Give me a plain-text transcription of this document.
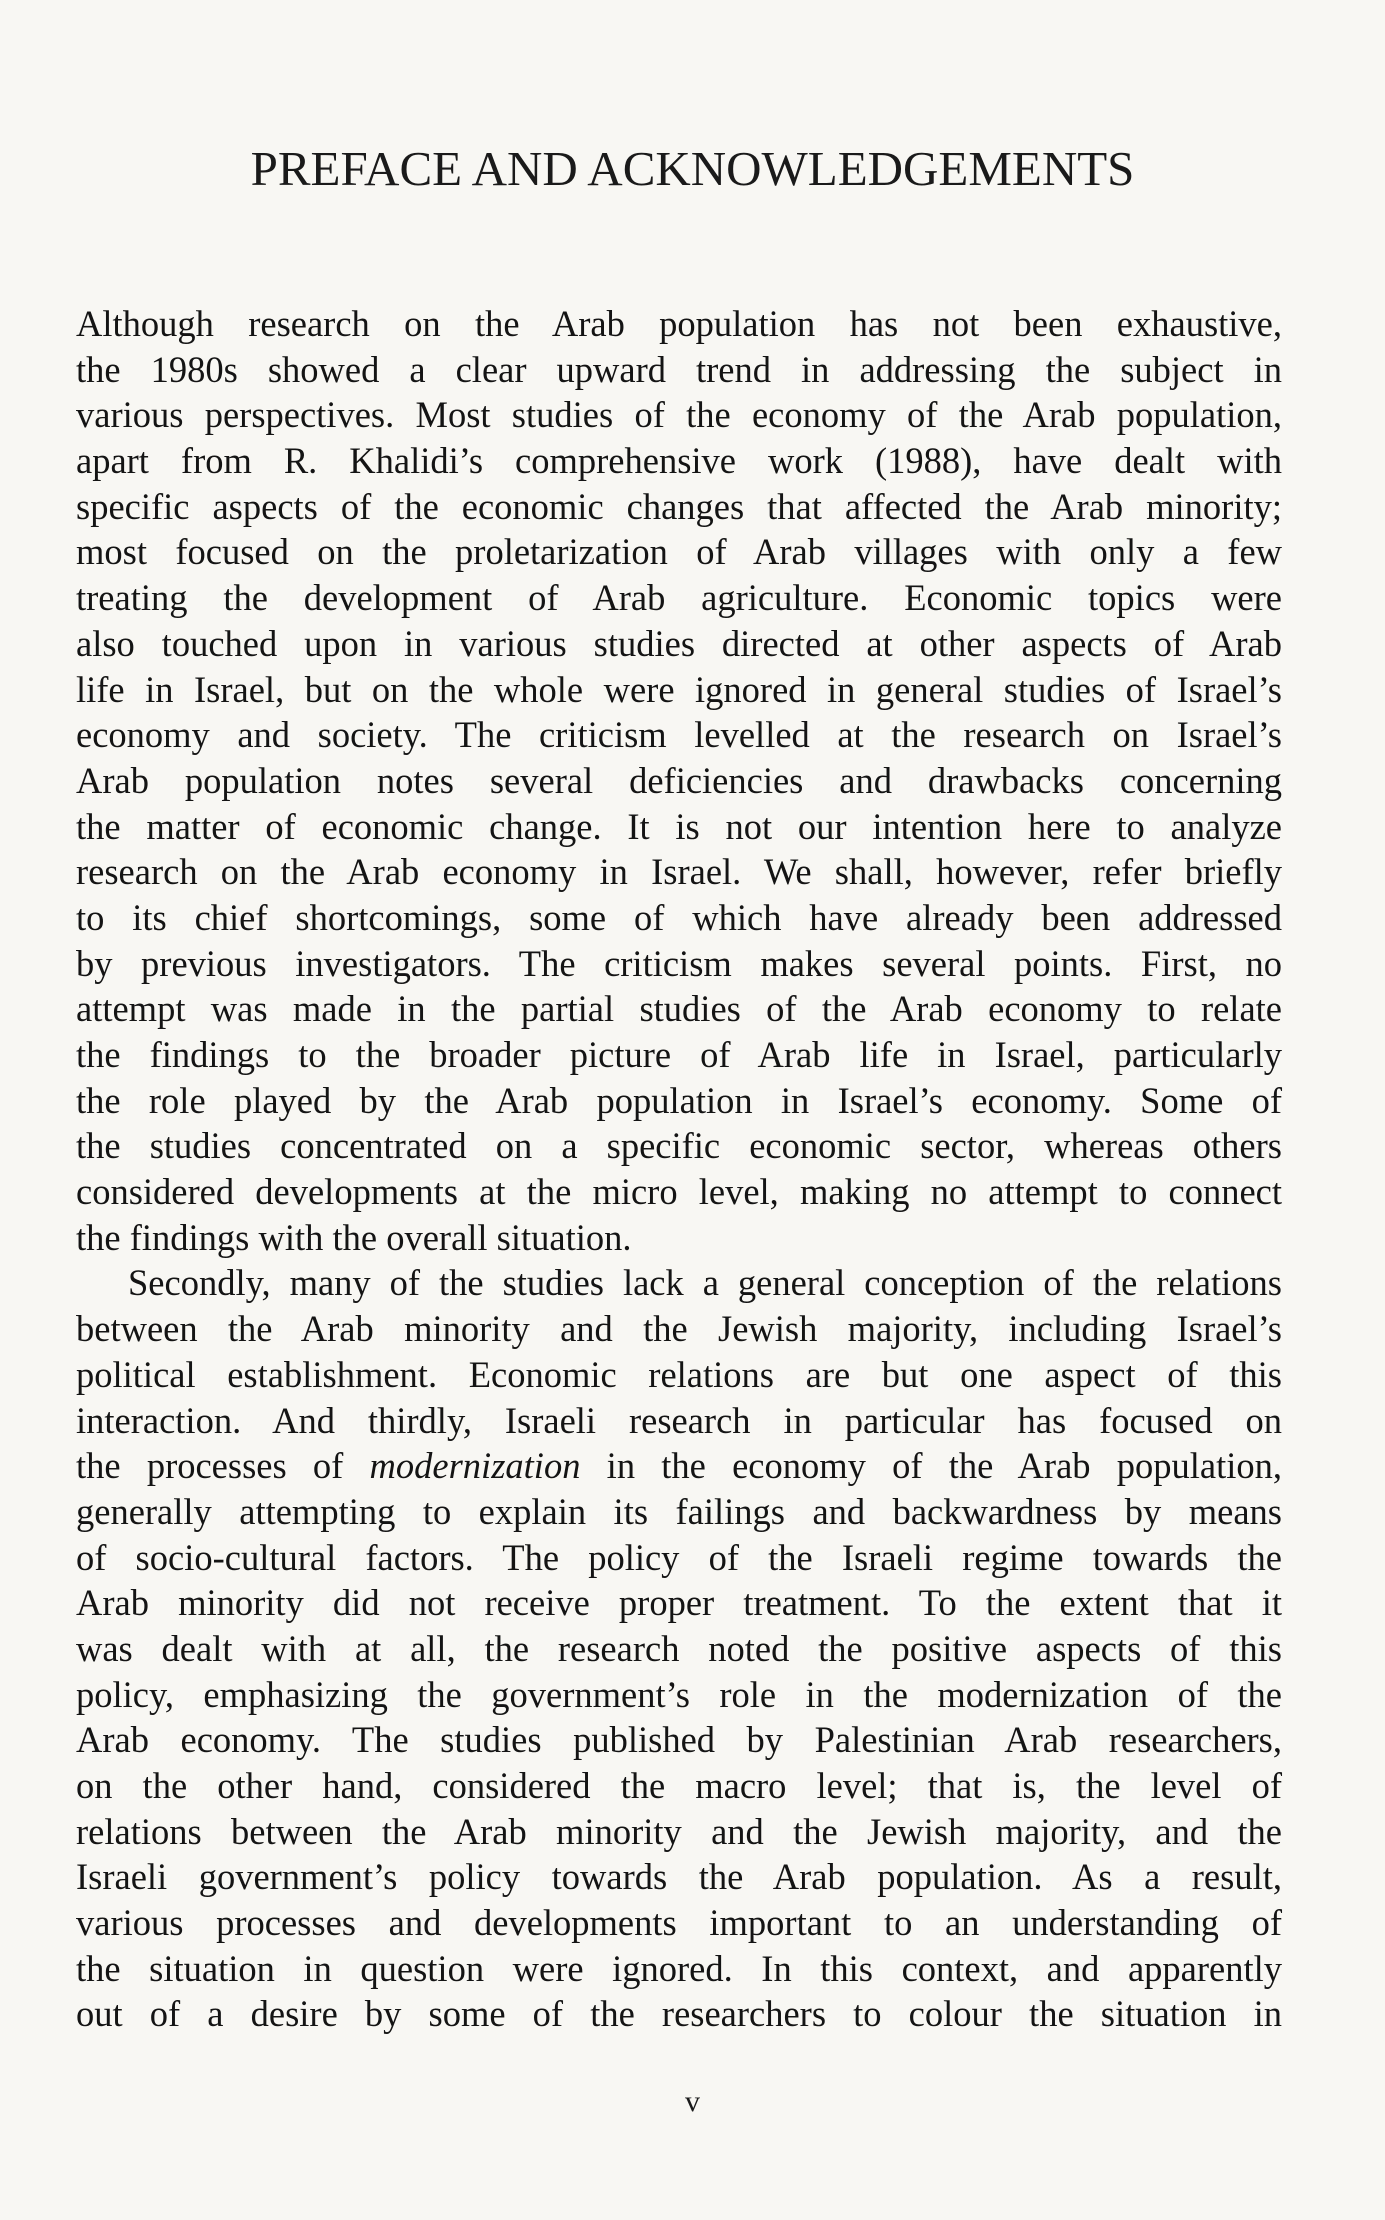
PREFACE AND ACKNOWLEDGEMENTS

Although research on the Arab population has not been exhaustive,
the 1980s showed a clear upward trend in addressing the subject in
various perspectives. Most studies of the economy of the Arab population,
apart from R. Khalidi’s comprehensive work (1988), have dealt with
specific aspects of the economic changes that affected the Arab minority;
most focused on the proletarization of Arab villages with only a few
treating the development of Arab agriculture. Economic topics were
also touched upon in various studies directed at other aspects of Arab
life in Israel, but on the whole were ignored in general studies of Israel’s
economy and society. The criticism levelled at the research on Israel’s
Arab population notes several deficiencies and drawbacks concerning
the matter of economic change. It is not our intention here to analyze
research on the Arab economy in Israel. We shall, however, refer briefly
to its chief shortcomings, some of which have already been addressed
by previous investigators. The criticism makes several points. First, no
attempt was made in the partial studies of the Arab economy to relate
the findings to the broader picture of Arab life in Israel, particularly
the role played by the Arab population in Israel’s economy. Some of
the studies concentrated on a specific economic sector, whereas others
considered developments at the micro level, making no attempt to connect
the findings with the overall situation.

Secondly, many of the studies lack a general conception of the relations
between the Arab minority and the Jewish majority, including Israel’s
political establishment. Economic relations are but one aspect of this
interaction. And thirdly, Israeli research in particular has focused on
the processes of modernization in the economy of the Arab population,
generally attempting to explain its failings and backwardness by means
of socio-cultural factors. The policy of the Israeli regime towards the
Arab minority did not receive proper treatment. To the extent that it
was dealt with at all, the research noted the positive aspects of this
policy, emphasizing the government’s role in the modernization of the
Arab economy. The studies published by Palestinian Arab researchers,
on the other hand, considered the macro level; that is, the level of
relations between the Arab minority and the Jewish majority, and the
Israeli government’s policy towards the Arab population. As a result,
various processes and developments important to an understanding of
the situation in question were ignored. In this context, and apparently
out of a desire by some of the researchers to colour the situation in

v
